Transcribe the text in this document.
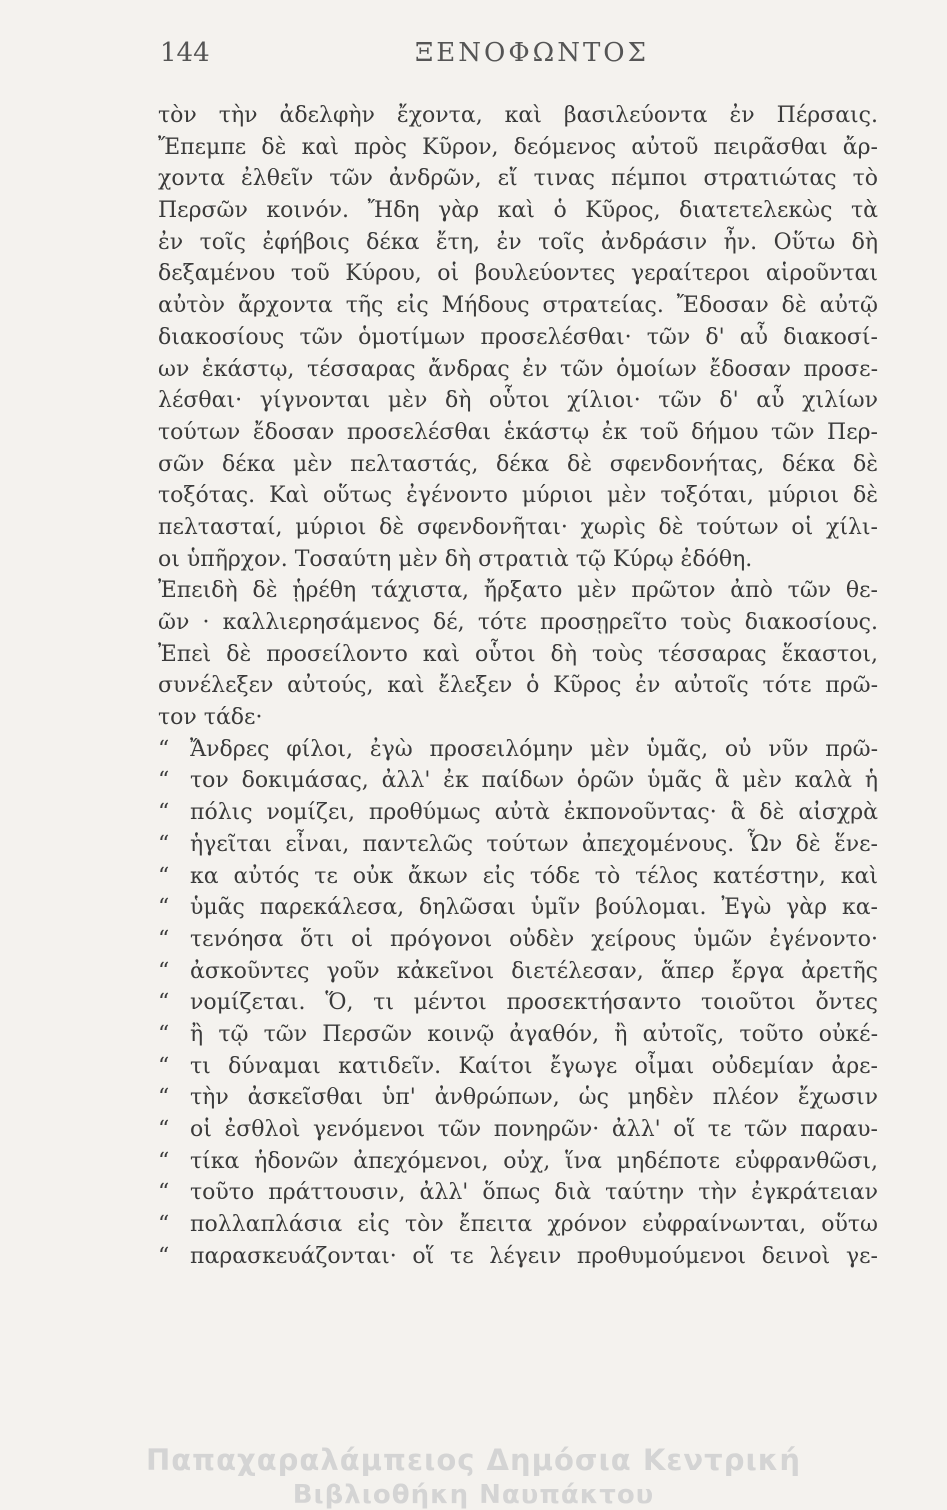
144	ΞΕΝΟΦΩΝΤΟΣ
τὸν τὴν ἀδελφὴν ἔχοντα, καὶ βασιλεύοντα ἐν Πέρσαις.
Ἔπεμπε δὲ καὶ πρὸς Κῦρον, δεόμενος αὐτοῦ πειρᾶσθαι ἄρ-
χοντα ἐλθεῖν τῶν ἀνδρῶν, εἴ τινας πέμποι στρατιώτας τὸ
Περσῶν κοινόν. Ἤδη γὰρ καὶ ὁ Κῦρος, διατετελεκὼς τὰ
ἐν τοῖς ἐφήβοις δέκα ἔτη, ἐν τοῖς ἀνδράσιν ἦν. Οὕτω δὴ
δεξαμένου τοῦ Κύρου, οἱ βουλεύοντες γεραίτεροι αἱροῦνται
αὐτὸν ἄρχοντα τῆς εἰς Μήδους στρατείας. Ἔδοσαν δὲ αὐτῷ
διακοσίους τῶν ὁμοτίμων προσελέσθαι· τῶν δ' αὖ διακοσί-
ων ἑκάστῳ, τέσσαρας ἄνδρας ἐν τῶν ὁμοίων ἔδοσαν προσε-
λέσθαι· γίγνονται μὲν δὴ οὗτοι χίλιοι· τῶν δ' αὖ χιλίων
τούτων ἔδοσαν προσελέσθαι ἑκάστῳ ἐκ τοῦ δήμου τῶν Περ-
σῶν δέκα μὲν πελταστάς, δέκα δὲ σφενδονήτας, δέκα δὲ
τοξότας. Καὶ οὕτως ἐγένοντο μύριοι μὲν τοξόται, μύριοι δὲ
πελτασταί, μύριοι δὲ σφενδονῆται· χωρὶς δὲ τούτων οἱ χίλι-
οι ὑπῆρχον. Τοσαύτη μὲν δὴ στρατιὰ τῷ Κύρῳ ἐδόθη.
Ἐπειδὴ δὲ ᾑρέθη τάχιστα, ἤρξατο μὲν πρῶτον ἀπὸ τῶν θε-
ῶν · καλλιερησάμενος δέ, τότε προσῃρεῖτο τοὺς διακοσίους.
Ἐπεὶ δὲ προσείλοντο καὶ οὗτοι δὴ τοὺς τέσσαρας ἕκαστοι,
συνέλεξεν αὐτούς, καὶ ἔλεξεν ὁ Κῦρος ἐν αὐτοῖς τότε πρῶ-
τον τάδε·
“ Ἄνδρες φίλοι, ἐγὼ προσειλόμην μὲν ὑμᾶς, οὐ νῦν πρῶ-
“ τον δοκιμάσας, ἀλλ' ἐκ παίδων ὁρῶν ὑμᾶς ἃ μὲν καλὰ ἡ
“ πόλις νομίζει, προθύμως αὐτὰ ἐκπονοῦντας· ἃ δὲ αἰσχρὰ
“ ἡγεῖται εἶναι, παντελῶς τούτων ἀπεχομένους. Ὧν δὲ ἕνε-
“ κα αὐτός τε οὐκ ἄκων εἰς τόδε τὸ τέλος κατέστην, καὶ
“ ὑμᾶς παρεκάλεσα, δηλῶσαι ὑμῖν βούλομαι. Ἐγὼ γὰρ κα-
“ τενόησα ὅτι οἱ πρόγονοι οὐδὲν χείρους ὑμῶν ἐγένοντο·
“ ἀσκοῦντες γοῦν κἀκεῖνοι διετέλεσαν, ἅπερ ἔργα ἀρετῆς
“ νομίζεται. Ὅ, τι μέντοι προσεκτήσαντο τοιοῦτοι ὄντες
“ ἢ τῷ τῶν Περσῶν κοινῷ ἀγαθόν, ἢ αὐτοῖς, τοῦτο οὐκέ-
“ τι δύναμαι κατιδεῖν. Καίτοι ἔγωγε οἶμαι οὐδεμίαν ἀρε-
“ τὴν ἀσκεῖσθαι ὑπ' ἀνθρώπων, ὡς μηδὲν πλέον ἔχωσιν
“ οἱ ἐσθλοὶ γενόμενοι τῶν πονηρῶν· ἀλλ' οἵ τε τῶν παραυ-
“ τίκα ἡδονῶν ἀπεχόμενοι, οὐχ, ἵνα μηδέποτε εὐφρανθῶσι,
“ τοῦτο πράττουσιν, ἀλλ' ὅπως διὰ ταύτην τὴν ἐγκράτειαν
“ πολλαπλάσια εἰς τὸν ἔπειτα χρόνον εὐφραίνωνται, οὕτω
“ παρασκευάζονται· οἵ τε λέγειν προθυμούμενοι δεινοὶ γε-
Παπαχαραλάμπειος Δημόσια Κεντρική
Βιβλιοθήκη Ναυπάκτου
